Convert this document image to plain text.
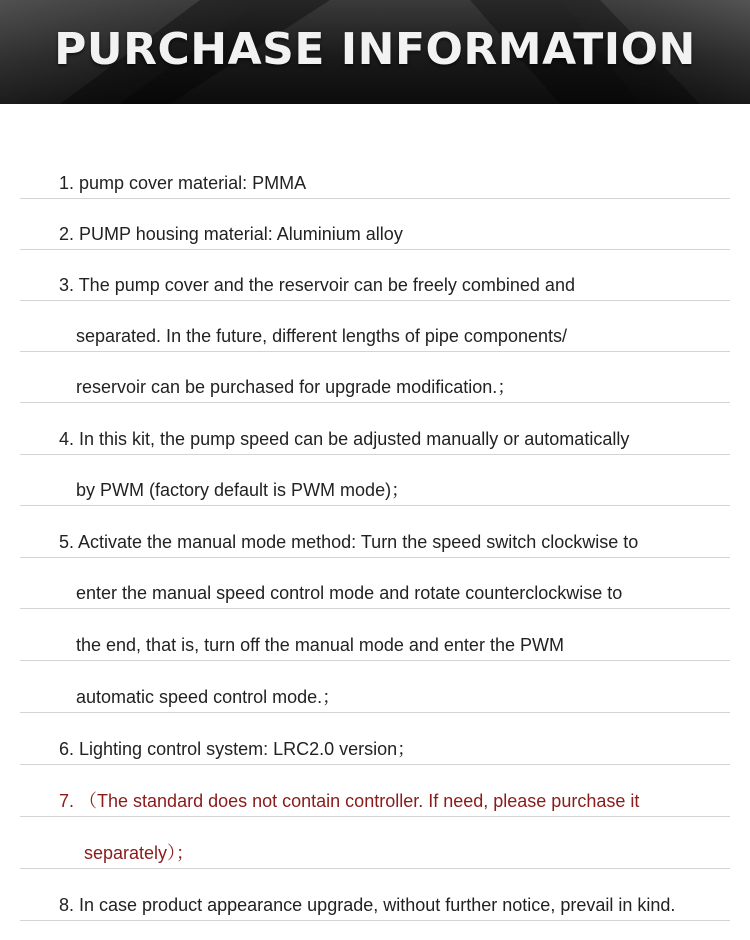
PURCHASE INFORMATION
1. pump cover material: PMMA
2. PUMP housing material: Aluminium alloy
3. The pump cover and the reservoir can be freely combined and
separated. In the future, different lengths of pipe components/
reservoir can be purchased for upgrade modification.；
4. In this kit, the pump speed can be adjusted manually or automatically
by PWM (factory default is PWM mode)；
5. Activate the manual mode method: Turn the speed switch clockwise to
enter the manual speed control mode and rotate counterclockwise to
the end, that is, turn off the manual mode and enter the PWM
automatic speed control mode.；
6. Lighting control system: LRC2.0 version；
7. （The standard does not contain controller. If need, please purchase it
separately）；
8. In case product appearance upgrade, without further notice, prevail in kind.
